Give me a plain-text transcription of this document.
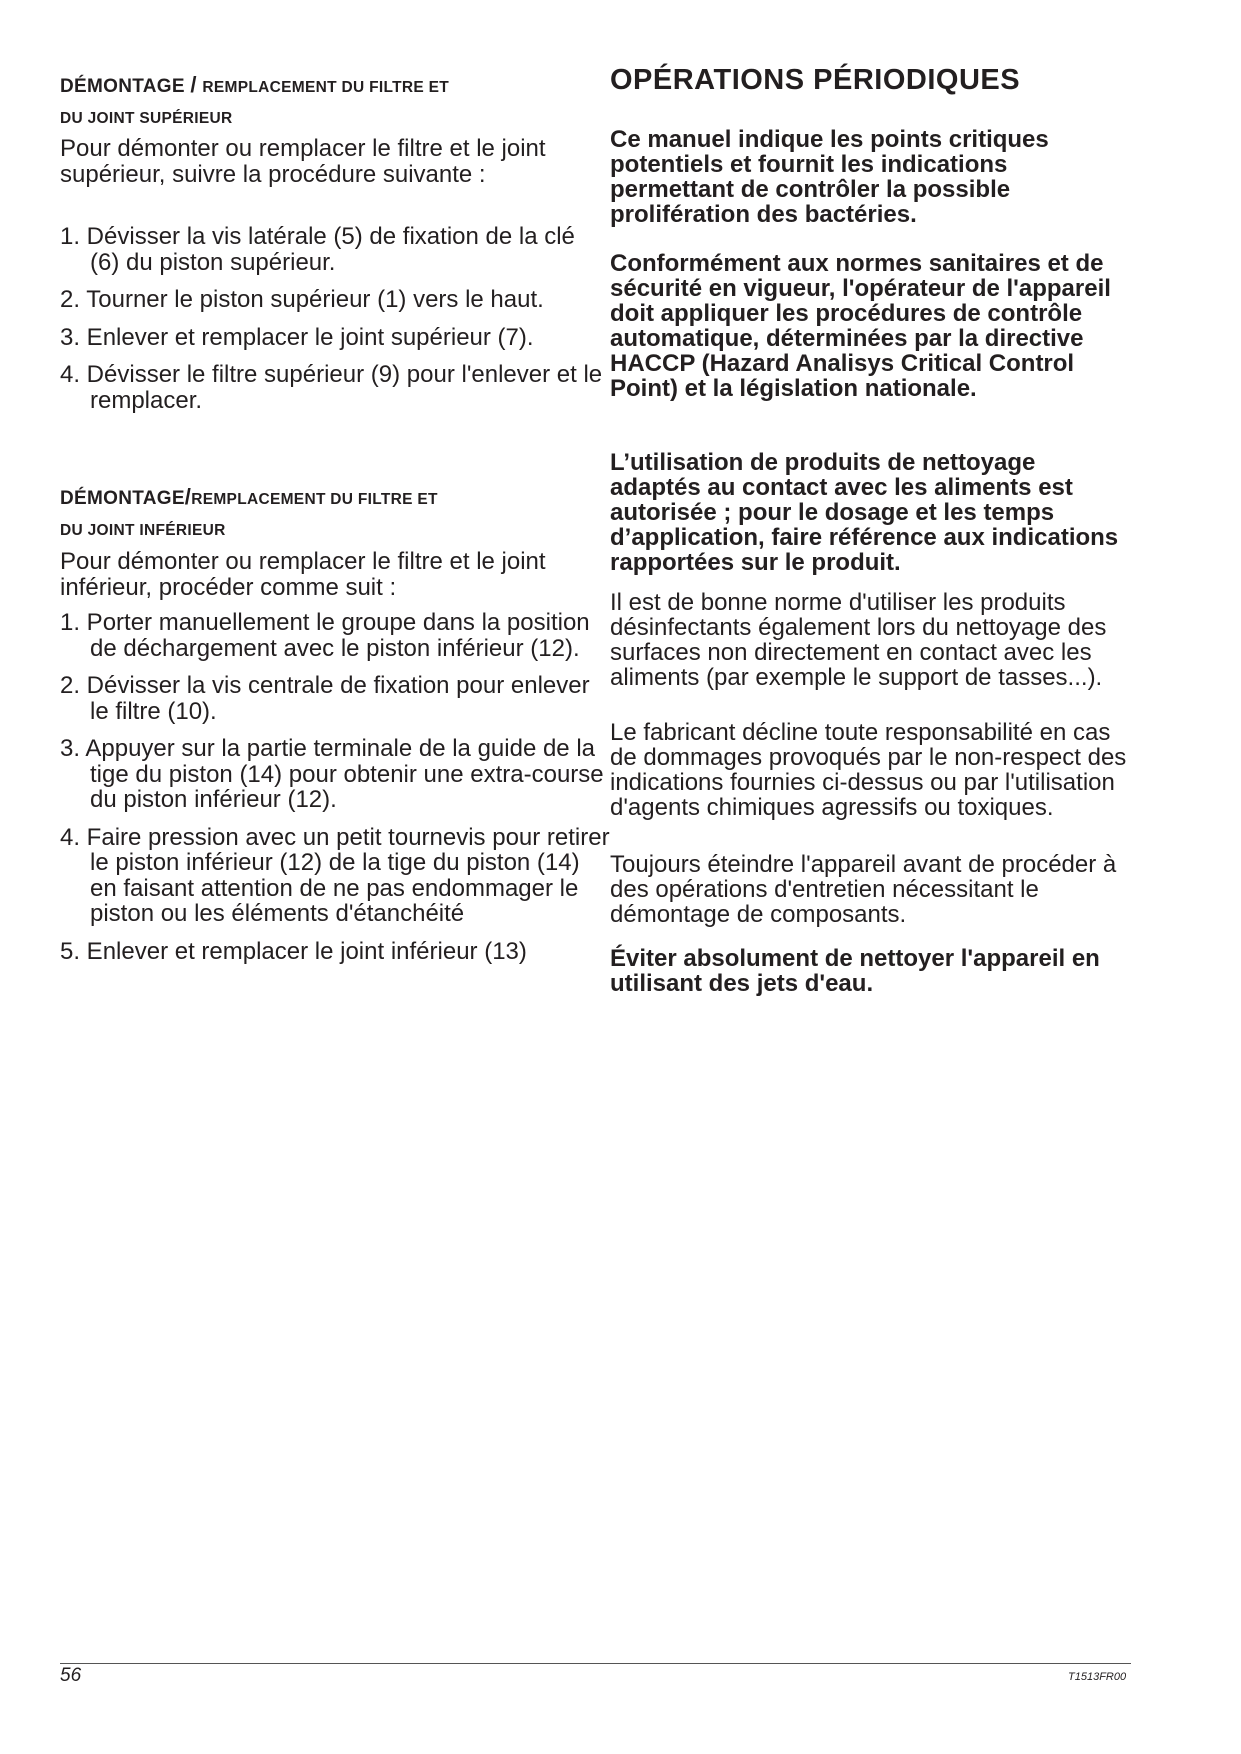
DÉMONTAGE / REMPLACEMENT DU FILTRE ET
DU JOINT SUPÉRIEUR

Pour démonter ou remplacer le filtre et le joint supérieur, suivre la procédure suivante :

1. Dévisser la vis latérale (5) de fixation de la clé (6) du piston supérieur.
2. Tourner le piston supérieur (1) vers le haut.
3. Enlever et remplacer le joint supérieur (7).
4. Dévisser le filtre supérieur (9) pour l'enlever et le remplacer.
DÉMONTAGE/REMPLACEMENT DU FILTRE ET
DU JOINT INFÉRIEUR

Pour démonter ou remplacer le filtre et le joint inférieur, procéder comme suit :

1. Porter manuellement le groupe dans la position de déchargement avec le piston inférieur (12).
2. Dévisser la vis centrale de fixation pour enlever le filtre (10).
3. Appuyer sur la partie terminale de la guide de la tige du piston (14) pour obtenir une extra-course du piston inférieur (12).
4. Faire pression avec un petit tournevis pour retirer le piston inférieur (12) de la tige du piston (14) en faisant attention de ne pas endommager le piston ou les éléments d'étanchéité
5. Enlever et remplacer le joint inférieur (13)
OPÉRATIONS PÉRIODIQUES

Ce manuel indique les points critiques potentiels et fournit les indications permettant de contrôler la possible prolifération des bactéries.

Conformément aux normes sanitaires et de sécurité en vigueur, l'opérateur de l'appareil doit appliquer les procédures de contrôle automatique, déterminées par la directive HACCP (Hazard Analisys Critical Control Point) et la législation nationale.

L’utilisation de produits de nettoyage adaptés au contact avec les aliments est autorisée ; pour le dosage et les temps d’application, faire référence aux indications rapportées sur le produit.

Il est de bonne norme d'utiliser les produits désinfectants également lors du nettoyage des surfaces non directement en contact avec les aliments (par exemple le support de tasses...).

Le fabricant décline toute responsabilité en cas de dommages provoqués par le non-respect des indications fournies ci-dessus ou par l'utilisation d'agents chimiques agressifs ou toxiques.

Toujours éteindre l'appareil avant de procéder à des opérations d'entretien nécessitant le démontage de composants.

Éviter absolument de nettoyer l'appareil en utilisant des jets d'eau.

56	T1513FR00
